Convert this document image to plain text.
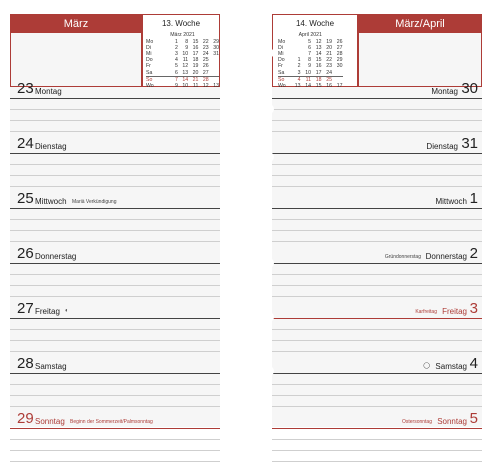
März	13. Woche
März 2021
Mo		1	8	15	22	29
Di		2	9	16	23	30
Mi		3	10	17	24	31
Do		4	11	18	25	
Fr		5	12	19	26	
Sa		6	13	20	27	
So		7	14	21	28	
Wo		9	10	11	12	13
23 Montag
24 Dienstag
25 Mittwoch Mariä Verkündigung
26 Donnerstag
27 Freitag ◐
28 Samstag
29 Sonntag Beginn der Sommerzeit/Palmsonntag
14. Woche
April 2021
Mo		5	12	19	26
Di		6	13	20	27
Mi		7	14	21	28
Do	1	8	15	22	29
Fr	2	9	16	23	30
Sa	3	10	17	24	
So	4	11	18	25	
Wo	13	14	15	16	17
März/April
30
Montag
31
Dienstag
1
Mittwoch
2
Donnerstag
Gründonnerstag
3
Freitag
Karfreitag
4
Samstag
◯
5
Sonntag
Ostersonntag
